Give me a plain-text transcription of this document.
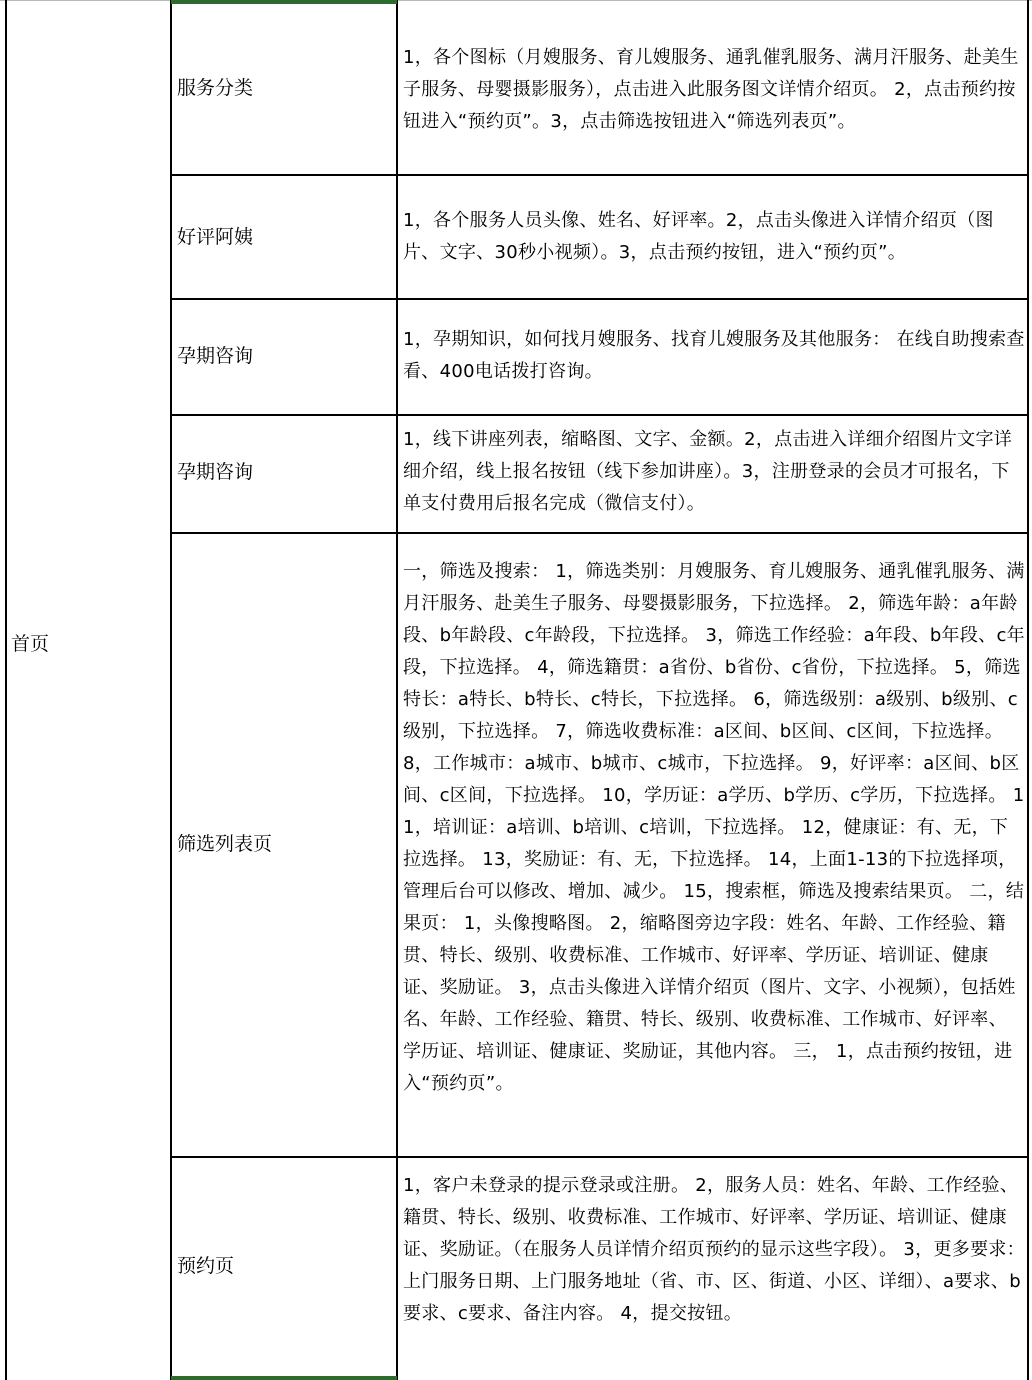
首页
服务分类
1，各个图标（月嫂服务、育儿嫂服务、通乳催乳服务、满月汗服务、赴美生子服务、母婴摄影服务），点击进入此服务图文详情介绍页。 2，点击预约按钮进入“预约页”。3，点击筛选按钮进入“筛选列表页”。
好评阿姨
1，各个服务人员头像、姓名、好评率。2，点击头像进入详情介绍页（图片、文字、30秒小视频）。3，点击预约按钮，进入“预约页”。
孕期咨询
1，孕期知识，如何找月嫂服务、找育儿嫂服务及其他服务： 在线自助搜索查看、400电话拨打咨询。
孕期咨询
1，线下讲座列表，缩略图、文字、金额。2，点击进入详细介绍图片文字详细介绍，线上报名按钮（线下参加讲座）。3，注册登录的会员才可报名，下单支付费用后报名完成（微信支付）。
筛选列表页
一，筛选及搜索： 1，筛选类别：月嫂服务、育儿嫂服务、通乳催乳服务、满月汗服务、赴美生子服务、母婴摄影服务，下拉选择。 2，筛选年龄：a年龄段、b年龄段、c年龄段，下拉选择。 3，筛选工作经验：a年段、b年段、c年段，下拉选择。 4，筛选籍贯：a省份、b省份、c省份，下拉选择。 5，筛选特长：a特长、b特长、c特长，下拉选择。 6，筛选级别：a级别、b级别、c级别，下拉选择。 7，筛选收费标准：a区间、b区间、c区间，下拉选择。 8，工作城市：a城市、b城市、c城市，下拉选择。 9，好评率：a区间、b区间、c区间，下拉选择。 10，学历证：a学历、b学历、c学历，下拉选择。 11，培训证：a培训、b培训、c培训，下拉选择。 12，健康证：有、无，下拉选择。 13，奖励证：有、无，下拉选择。 14，上面1-13的下拉选择项，管理后台可以修改、增加、减少。 15，搜索框，筛选及搜索结果页。 二，结果页： 1，头像搜略图。 2，缩略图旁边字段：姓名、年龄、工作经验、籍贯、特长、级别、收费标准、工作城市、好评率、学历证、培训证、健康证、奖励证。 3，点击头像进入详情介绍页（图片、文字、小视频），包括姓名、年龄、工作经验、籍贯、特长、级别、收费标准、工作城市、好评率、学历证、培训证、健康证、奖励证，其他内容。 三， 1，点击预约按钮，进入“预约页”。
预约页
1，客户未登录的提示登录或注册。 2，服务人员：姓名、年龄、工作经验、籍贯、特长、级别、收费标准、工作城市、好评率、学历证、培训证、健康证、奖励证。（在服务人员详情介绍页预约的显示这些字段）。 3，更多要求：上门服务日期、上门服务地址（省、市、区、街道、小区、详细）、a要求、b要求、c要求、备注内容。 4，提交按钮。
